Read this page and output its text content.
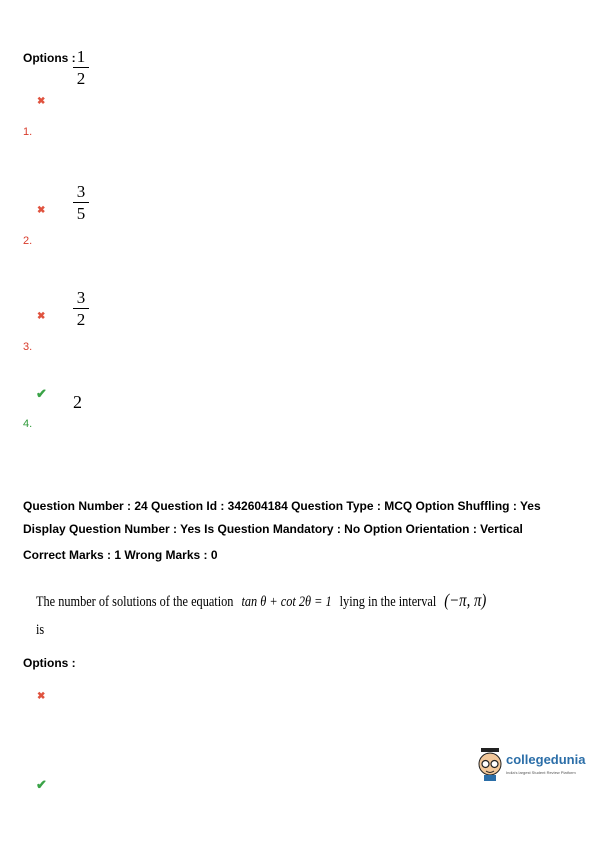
Options : 1
2
✖
1.
3
5
✖
2.
3
2
✖
3.
2
✔
4.
Question Number : 24 Question Id : 342604184 Question Type : MCQ Option Shuffling : Yes
Display Question Number : Yes Is Question Mandatory : No Option Orientation : Vertical
Correct Marks : 1 Wrong Marks : 0
The number of solutions of the equation tan θ + cot 2θ = 1 lying in the interval (−π, π)
is
Options :
✖
✔
collegedunia
India's largest Student Review Platform
